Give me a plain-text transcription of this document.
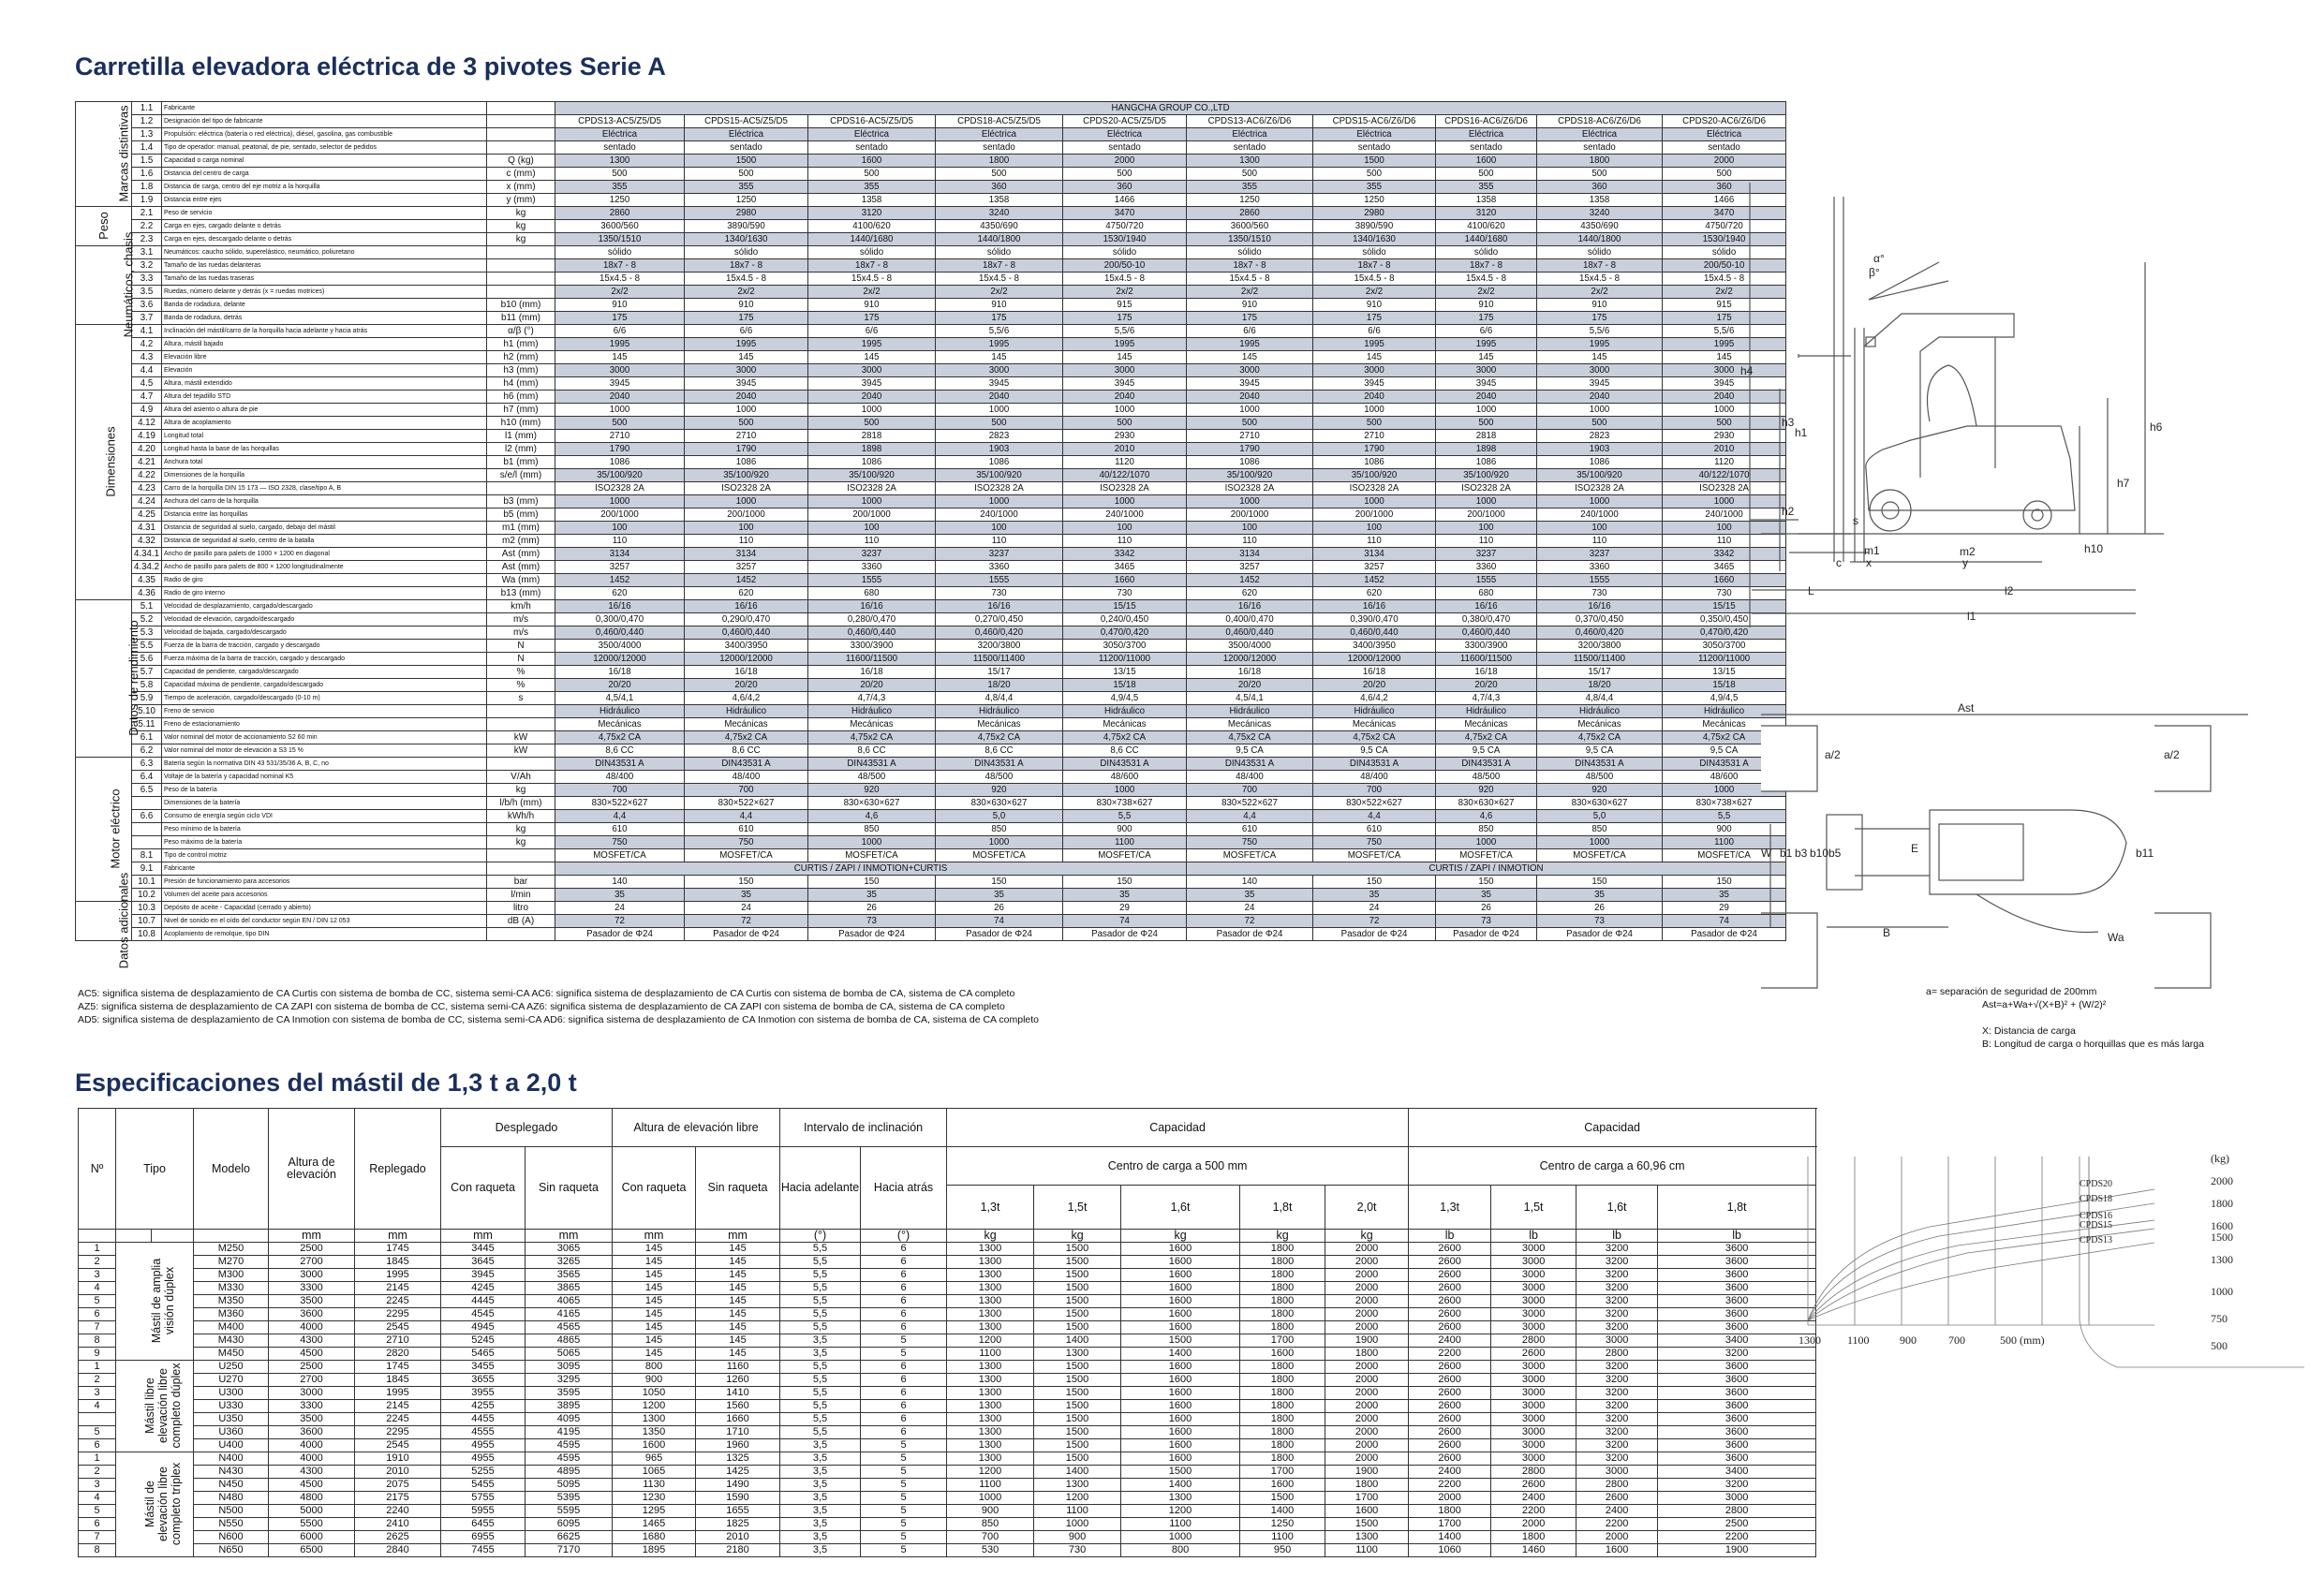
Carretilla elevadora eléctrica de 3 pivotes Serie A
Marcas distintivas	1.1	Fabricante		HANGCHA GROUP CO.,LTD									
	1.2	Designación del tipo de fabricante		CPDS13-AC5/Z5/D5	CPDS15-AC5/Z5/D5	CPDS16-AC5/Z5/D5	CPDS18-AC5/Z5/D5	CPDS20-AC5/Z5/D5	CPDS13-AC6/Z6/D6	CPDS15-AC6/Z6/D6	CPDS16-AC6/Z6/D6	CPDS18-AC6/Z6/D6	CPDS20-AC6/Z6/D6
	1.3	Propulsión: eléctrica (batería o red eléctrica), diésel, gasolina, gas combustible		Eléctrica	Eléctrica	Eléctrica	Eléctrica	Eléctrica	Eléctrica	Eléctrica	Eléctrica	Eléctrica	Eléctrica
	1.4	Tipo de operador: manual, peatonal, de pie, sentado, selector de pedidos		sentado	sentado	sentado	sentado	sentado	sentado	sentado	sentado	sentado	sentado
	1.5	Capacidad o carga nominal	Q (kg)	1300	1500	1600	1800	2000	1300	1500	1600	1800	2000
	1.6	Distancia del centro de carga	c (mm)	500	500	500	500	500	500	500	500	500	500
	1.8	Distancia de carga, centro del eje motriz a la horquilla	x (mm)	355	355	355	360	360	355	355	355	360	360
	1.9	Distancia entre ejes	y (mm)	1250	1250	1358	1358	1466	1250	1250	1358	1358	1466
Peso	2.1	Peso de servicio	kg	2860	2980	3120	3240	3470	2860	2980	3120	3240	3470
	2.2	Carga en ejes, cargado delante o detrás	kg	3600/560	3890/590	4100/620	4350/690	4750/720	3600/560	3890/590	4100/620	4350/690	4750/720
	2.3	Carga en ejes, descargado delante o detrás	kg	1350/1510	1340/1630	1440/1680	1440/1800	1530/1940	1350/1510	1340/1630	1440/1680	1440/1800	1530/1940
Neumáticos, chasis	3.1	Neumáticos: caucho sólido, superelástico, neumático, poliuretano		sólido	sólido	sólido	sólido	sólido	sólido	sólido	sólido	sólido	sólido
	3.2	Tamaño de las ruedas delanteras		18x7 - 8	18x7 - 8	18x7 - 8	18x7 - 8	200/50-10	18x7 - 8	18x7 - 8	18x7 - 8	18x7 - 8	200/50-10
	3.3	Tamaño de las ruedas traseras		15x4.5 - 8	15x4.5 - 8	15x4.5 - 8	15x4.5 - 8	15x4.5 - 8	15x4.5 - 8	15x4.5 - 8	15x4.5 - 8	15x4.5 - 8	15x4.5 - 8
	3.5	Ruedas, número delante y detrás (x = ruedas motrices)		2x/2	2x/2	2x/2	2x/2	2x/2	2x/2	2x/2	2x/2	2x/2	2x/2
	3.6	Banda de rodadura, delante	b10 (mm)	910	910	910	910	915	910	910	910	910	915
	3.7	Banda de rodadura, detrás	b11 (mm)	175	175	175	175	175	175	175	175	175	175
Dimensiones	4.1	Inclinación del mástil/carro de la horquilla hacia adelante y hacia atrás	α/β (°)	6/6	6/6	6/6	5,5/6	5,5/6	6/6	6/6	6/6	5,5/6	5,5/6
	4.2	Altura, mástil bajado	h1 (mm)	1995	1995	1995	1995	1995	1995	1995	1995	1995	1995
	4.3	Elevación libre	h2 (mm)	145	145	145	145	145	145	145	145	145	145
	4.4	Elevación	h3 (mm)	3000	3000	3000	3000	3000	3000	3000	3000	3000	3000
	4.5	Altura, mástil extendido	h4 (mm)	3945	3945	3945	3945	3945	3945	3945	3945	3945	3945
	4.7	Altura del tejadillo STD	h6 (mm)	2040	2040	2040	2040	2040	2040	2040	2040	2040	2040
	4.9	Altura del asiento o altura de pie	h7 (mm)	1000	1000	1000	1000	1000	1000	1000	1000	1000	1000
	4.12	Altura de acoplamiento	h10 (mm)	500	500	500	500	500	500	500	500	500	500
	4.19	Longitud total	l1 (mm)	2710	2710	2818	2823	2930	2710	2710	2818	2823	2930
	4.20	Longitud hasta la base de las horquillas	l2 (mm)	1790	1790	1898	1903	2010	1790	1790	1898	1903	2010
	4.21	Anchura total	b1 (mm)	1086	1086	1086	1086	1120	1086	1086	1086	1086	1120
	4.22	Dimensiones de la horquilla	s/e/l (mm)	35/100/920	35/100/920	35/100/920	35/100/920	40/122/1070	35/100/920	35/100/920	35/100/920	35/100/920	40/122/1070
	4.23	Carro de la horquilla DIN 15 173 — ISO 2328, clase/tipo A, B		ISO2328 2A	ISO2328 2A	ISO2328 2A	ISO2328 2A	ISO2328 2A	ISO2328 2A	ISO2328 2A	ISO2328 2A	ISO2328 2A	ISO2328 2A
	4.24	Anchura del carro de la horquilla	b3 (mm)	1000	1000	1000	1000	1000	1000	1000	1000	1000	1000
	4.25	Distancia entre las horquillas	b5 (mm)	200/1000	200/1000	200/1000	240/1000	240/1000	200/1000	200/1000	200/1000	240/1000	240/1000
	4.31	Distancia de seguridad al suelo, cargado, debajo del mástil	m1 (mm)	100	100	100	100	100	100	100	100	100	100
	4.32	Distancia de seguridad al suelo, centro de la batalla	m2 (mm)	110	110	110	110	110	110	110	110	110	110
	4.34.1	Ancho de pasillo para palets de 1000 × 1200 en diagonal	Ast (mm)	3134	3134	3237	3237	3342	3134	3134	3237	3237	3342
	4.34.2	Ancho de pasillo para palets de 800 × 1200 longitudinalmente	Ast (mm)	3257	3257	3360	3360	3465	3257	3257	3360	3360	3465
	4.35	Radio de giro	Wa (mm)	1452	1452	1555	1555	1660	1452	1452	1555	1555	1660
	4.36	Radio de giro interno	b13 (mm)	620	620	680	730	730	620	620	680	730	730
Datos de rendimiento	5.1	Velocidad de desplazamiento, cargado/descargado	km/h	16/16	16/16	16/16	16/16	15/15	16/16	16/16	16/16	16/16	15/15
	5.2	Velocidad de elevación, cargado/descargado	m/s	0,300/0,470	0,290/0,470	0,280/0,470	0,270/0,450	0,240/0,450	0,400/0,470	0,390/0,470	0,380/0,470	0,370/0,450	0,350/0,450
	5.3	Velocidad de bajada, cargado/descargado	m/s	0,460/0,440	0,460/0,440	0,460/0,440	0,460/0,420	0,470/0,420	0,460/0,440	0,460/0,440	0,460/0,440	0,460/0,420	0,470/0,420
	5.5	Fuerza de la barra de tracción, cargado y descargado	N	3500/4000	3400/3950	3300/3900	3200/3800	3050/3700	3500/4000	3400/3950	3300/3900	3200/3800	3050/3700
	5.6	Fuerza máxima de la barra de tracción, cargado y descargado	N	12000/12000	12000/12000	11600/11500	11500/11400	11200/11000	12000/12000	12000/12000	11600/11500	11500/11400	11200/11000
	5.7	Capacidad de pendiente, cargado/descargado	%	16/18	16/18	16/18	15/17	13/15	16/18	16/18	16/18	15/17	13/15
	5.8	Capacidad máxima de pendiente, cargado/descargado	%	20/20	20/20	20/20	18/20	15/18	20/20	20/20	20/20	18/20	15/18
	5.9	Tiempo de aceleración, cargado/descargado (0-10 m)	s	4,5/4,1	4,6/4,2	4,7/4,3	4,8/4,4	4,9/4,5	4,5/4,1	4,6/4,2	4,7/4,3	4,8/4,4	4,9/4,5
	5.10	Freno de servicio		Hidráulico	Hidráulico	Hidráulico	Hidráulico	Hidráulico	Hidráulico	Hidráulico	Hidráulico	Hidráulico	Hidráulico
	5.11	Freno de estacionamiento		Mecánicas	Mecánicas	Mecánicas	Mecánicas	Mecánicas	Mecánicas	Mecánicas	Mecánicas	Mecánicas	Mecánicas
	6.1	Valor nominal del motor de accionamiento S2 60 min	kW	4,75x2 CA	4,75x2 CA	4,75x2 CA	4,75x2 CA	4,75x2 CA	4,75x2 CA	4,75x2 CA	4,75x2 CA	4,75x2 CA	4,75x2 CA
	6.2	Valor nominal del motor de elevación a S3 15 %	kW	8,6 CC	8,6 CC	8,6 CC	8,6 CC	8,6 CC	9,5 CA	9,5 CA	9,5 CA	9,5 CA	9,5 CA
Motor eléctrico	6.3	Batería según la normativa DIN 43 531/35/36 A, B, C, no		DIN43531 A	DIN43531 A	DIN43531 A	DIN43531 A	DIN43531 A	DIN43531 A	DIN43531 A	DIN43531 A	DIN43531 A	DIN43531 A
	6.4	Voltaje de la batería y capacidad nominal K5	V/Ah	48/400	48/400	48/500	48/500	48/600	48/400	48/400	48/500	48/500	48/600
	6.5	Peso de la batería	kg	700	700	920	920	1000	700	700	920	920	1000
		Dimensiones de la batería	l/b/h (mm)	830×522×627	830×522×627	830×630×627	830×630×627	830×738×627	830×522×627	830×522×627	830×630×627	830×630×627	830×738×627
	6.6	Consumo de energía según ciclo VDI	kWh/h	4,4	4,4	4,6	5,0	5,5	4,4	4,4	4,6	5,0	5,5
		Peso mínimo de la batería	kg	610	610	850	850	900	610	610	850	850	900
		Peso máximo de la batería	kg	750	750	1000	1000	1100	750	750	1000	1000	1100
	8.1	Tipo de control motriz		MOSFET/CA	MOSFET/CA	MOSFET/CA	MOSFET/CA	MOSFET/CA	MOSFET/CA	MOSFET/CA	MOSFET/CA	MOSFET/CA	MOSFET/CA
	9.1	Fabricante		CURTIS / ZAPI / INMOTION+CURTIS					CURTIS / ZAPI / INMOTION				
	10.1	Presión de funcionamiento para accesorios	bar	140	150	150	150	150	140	150	150	150	150
	10.2	Volumen del aceite para accesorios	l/min	35	35	35	35	35	35	35	35	35	35
Datos adicionales	10.3	Depósito de aceite - Capacidad (cerrado y abierto)	litro	24	24	26	26	29	24	24	26	26	29
	10.7	Nivel de sonido en el oído del conductor según EN / DIN 12 053	dB (A)	72	72	73	74	74	72	72	73	73	74
	10.8	Acoplamiento de remolque, tipo DIN		Pasador de Φ24	Pasador de Φ24	Pasador de Φ24	Pasador de Φ24	Pasador de Φ24	Pasador de Φ24	Pasador de Φ24	Pasador de Φ24	Pasador de Φ24	Pasador de Φ24
AC5: significa sistema de desplazamiento de CA Curtis con sistema de bomba de CC, sistema semi-CA AC6: significa sistema de desplazamiento de CA Curtis con sistema de bomba de CA, sistema de CA completo
AZ5: significa sistema de desplazamiento de CA ZAPI con sistema de bomba de CC, sistema semi-CA AZ6: significa sistema de desplazamiento de CA ZAPI con sistema de bomba de CA, sistema de CA completo
AD5: significa sistema de desplazamiento de CA Inmotion con sistema de bomba de CC, sistema semi-CA AD6: significa sistema de desplazamiento de CA Inmotion con sistema de bomba de CA, sistema de CA completo
h4
h3
h1
h2
h6
h7
h10
s
c
m1	m2
x	y
L	l2
l1
α°
β°
Ast
a/2	a/2
W b1 b3 b10 b5	E	b11
B	Wa
a= separación de seguridad de 200mm
Ast=a+Wa+√(X+B)² + (W/2)²
X: Distancia de carga
B: Longitud de carga o horquillas que es más larga
Especificaciones del mástil de 1,3 t a 2,0 t
Nº	Tipo		Modelo	Altura de elevación	Replegado	Desplegado		Altura de elevación libre		Intervalo de inclinación		Capacidad					Capacidad				
						Con raqueta	Sin raqueta	Con raqueta	Sin raqueta	Hacia adelante	Hacia atrás	Centro de carga a 500 mm					Centro de carga a 60,96 cm				
												1,3t	1,5t	1,6t	1,8t	2,0t	1,3t	1,5t	1,6t	1,8t	
				mm	mm	mm	mm	mm	mm	(°)	(°)	kg	kg	kg	kg	kg	lb	lb	lb	lb	
1	Mástil de amplia visión dúplex		M250	2500	1745	3445	3065	145	145	5,5	6	1300	1500	1600	1800	2000	2600	3000	3200	3600	
2			M270	2700	1845	3645	3265	145	145	5,5	6	1300	1500	1600	1800	2000	2600	3000	3200	3600	
3			M300	3000	1995	3945	3565	145	145	5,5	6	1300	1500	1600	1800	2000	2600	3000	3200	3600	
4			M330	3300	2145	4245	3865	145	145	5,5	6	1300	1500	1600	1800	2000	2600	3000	3200	3600	
5			M350	3500	2245	4445	4065	145	145	5,5	6	1300	1500	1600	1800	2000	2600	3000	3200	3600	
6			M360	3600	2295	4545	4165	145	145	5,5	6	1300	1500	1600	1800	2000	2600	3000	3200	3600	
7			M400	4000	2545	4945	4565	145	145	5,5	6	1300	1500	1600	1800	2000	2600	3000	3200	3600	
8			M430	4300	2710	5245	4865	145	145	3,5	5	1200	1400	1500	1700	1900	2400	2800	3000	3400	
9			M450	4500	2820	5465	5065	145	145	3,5	5	1100	1300	1400	1600	1800	2200	2600	2800	3200	
1	Mástil libre elevación libre completo dúplex		U250	2500	1745	3455	3095	800	1160	5,5	6	1300	1500	1600	1800	2000	2600	3000	3200	3600	
2			U270	2700	1845	3655	3295	900	1260	5,5	6	1300	1500	1600	1800	2000	2600	3000	3200	3600	
3			U300	3000	1995	3955	3595	1050	1410	5,5	6	1300	1500	1600	1800	2000	2600	3000	3200	3600	
4			U330	3300	2145	4255	3895	1200	1560	5,5	6	1300	1500	1600	1800	2000	2600	3000	3200	3600	
			U350	3500	2245	4455	4095	1300	1660	5,5	6	1300	1500	1600	1800	2000	2600	3000	3200	3600	
5			U360	3600	2295	4555	4195	1350	1710	5,5	6	1300	1500	1600	1800	2000	2600	3000	3200	3600	
6			U400	4000	2545	4955	4595	1600	1960	3,5	5	1300	1500	1600	1800	2000	2600	3000	3200	3600	
1	Mástil de elevación libre completo tríplex		N400	4000	1910	4955	4595	965	1325	3,5	5	1300	1500	1600	1800	2000	2600	3000	3200	3600	
2			N430	4300	2010	5255	4895	1065	1425	3,5	5	1200	1400	1500	1700	1900	2400	2800	3000	3400	
3			N450	4500	2075	5455	5095	1130	1490	3,5	5	1100	1300	1400	1600	1800	2200	2600	2800	3200	
4			N480	4800	2175	5755	5395	1230	1590	3,5	5	1000	1200	1300	1500	1700	2000	2400	2600	3000	
5			N500	5000	2240	5955	5595	1295	1655	3,5	5	900	1100	1200	1400	1600	1800	2200	2400	2800	
6			N550	5500	2410	6455	6095	1465	1825	3,5	5	850	1000	1100	1250	1500	1700	2000	2200	2500	
7			N600	6000	2625	6955	6625	1680	2010	3,5	5	700	900	1000	1100	1300	1400	1800	2000	2200	
8			N650	6500	2840	7455	7170	1895	2180	3,5	5	530	730	800	950	1100	1060	1460	1600	1900	
(kg)
2000
1800
1600
1500
1300
1000
750
500
1300 1100	900	700	500 (mm)
CPDS20
CPDS18
CPDS16
CPDS15
CPDS13
